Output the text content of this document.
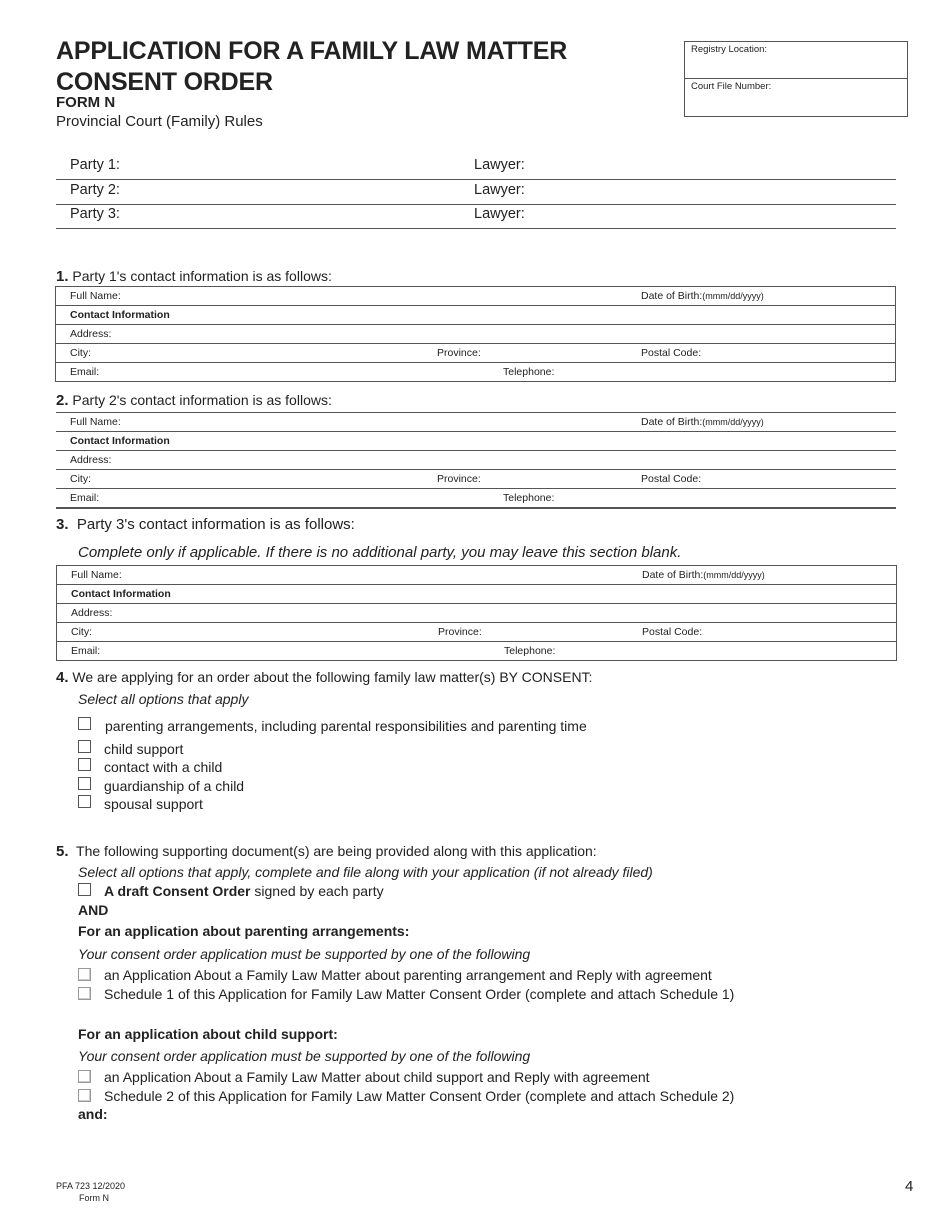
APPLICATION FOR A FAMILY LAW MATTER
CONSENT ORDER
FORM N
Provincial Court (Family) Rules
Registry Location:
Court File Number:
Party 1:	Lawyer:
Party 2:	Lawyer:
Party 3:	Lawyer:
1. Party 1's contact information is as follows:
Full Name:	Date of Birth:(mmm/dd/yyyy)
Contact Information
Address:
City:	Province:	Postal Code:
Email:	Telephone:
2. Party 2's contact information is as follows:
Full Name:	Date of Birth:(mmm/dd/yyyy)
Contact Information
Address:
City:	Province:	Postal Code:
Email:	Telephone:
3. Party 3's contact information is as follows:
Complete only if applicable. If there is no additional party, you may leave this section blank.
Full Name:	Date of Birth:(mmm/dd/yyyy)
Contact Information
Address:
City:	Province:	Postal Code:
Email:	Telephone:
4. We are applying for an order about the following family law matter(s) BY CONSENT:
Select all options that apply
parenting arrangements, including parental responsibilities and parenting time
child support
contact with a child
guardianship of a child
spousal support
5. The following supporting document(s) are being provided along with this application:
Select all options that apply, complete and file along with your application (if not already filed)
A draft Consent Order signed by each party
AND
For an application about parenting arrangements:
Your consent order application must be supported by one of the following
an Application About a Family Law Matter about parenting arrangement and Reply with agreement
Schedule 1 of this Application for Family Law Matter Consent Order (complete and attach Schedule 1)
For an application about child support:
Your consent order application must be supported by one of the following
an Application About a Family Law Matter about child support and Reply with agreement
Schedule 2 of this Application for Family Law Matter Consent Order (complete and attach Schedule 2)
and:
PFA 723 12/2020
Form N
4
